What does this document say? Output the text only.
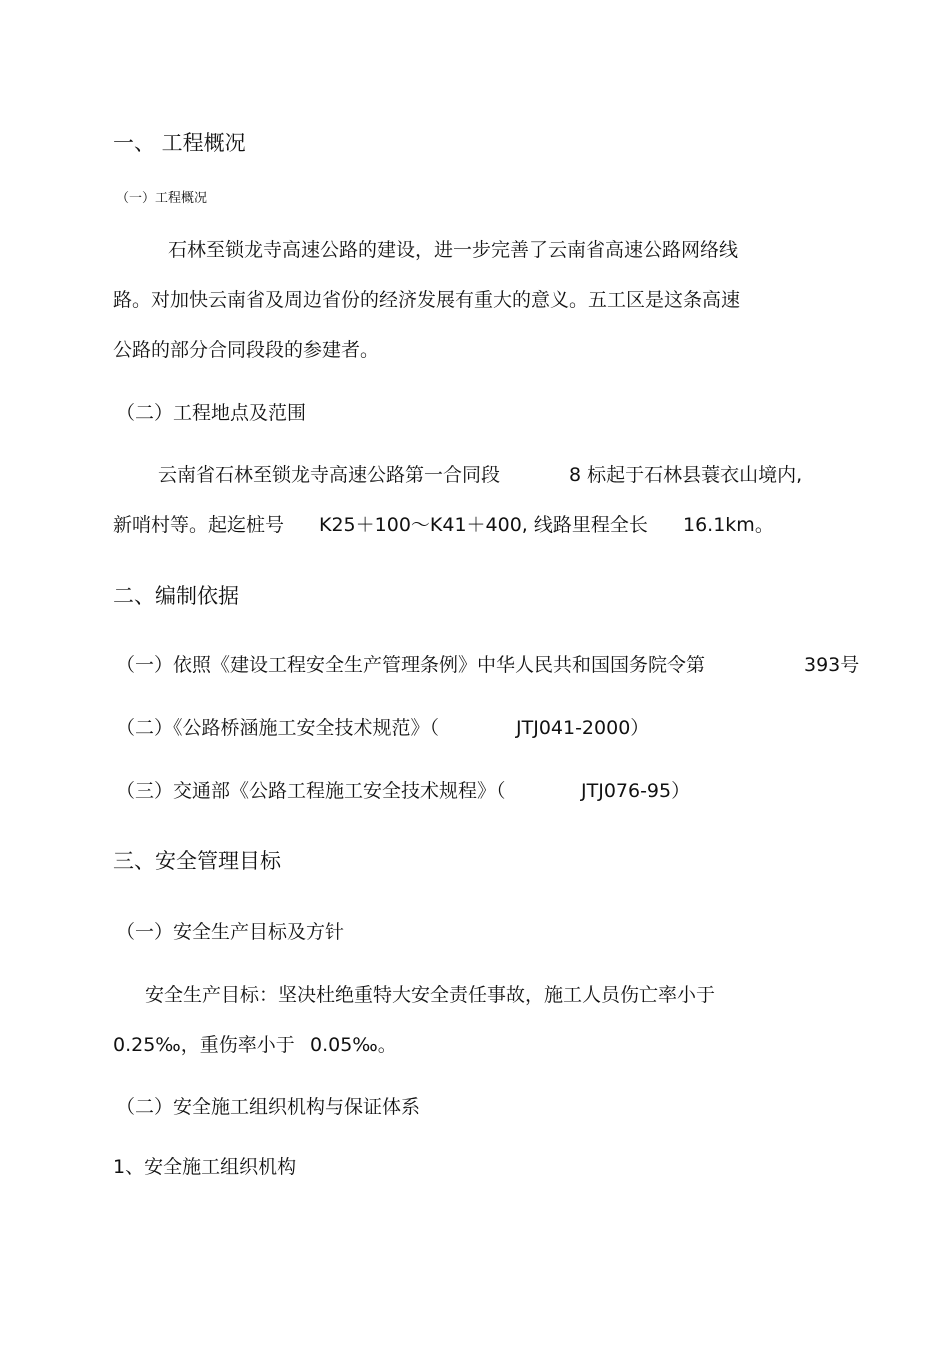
一、 工程概况
（一）工程概况
石林至锁龙寺高速公路的建设，进一步完善了云南省高速公路网络线
路。对加快云南省及周边省份的经济发展有重大的意义。五工区是这条高速
公路的部分合同段段的参建者。
（二）工程地点及范围
云南省石林至锁龙寺高速公路第一合同段	8 标起于石林县蓑衣山境内,
新哨村等。起迄桩号 K25＋100～K41＋400, 线路里程全长 16.1km。
二、编制依据
（一）依照《建设工程安全生产管理条例》中华人民共和国国务院令第	393号
（二）《公路桥涵施工安全技术规范》（	JTJ041-2000）
（三）交通部《公路工程施工安全技术规程》（	JTJ076-95）
三、安全管理目标
（一）安全生产目标及方针
安全生产目标：坚决杜绝重特大安全责任事故，施工人员伤亡率小于
0.25‰，重伤率小于 0.05‰。
（二）安全施工组织机构与保证体系
1、安全施工组织机构
